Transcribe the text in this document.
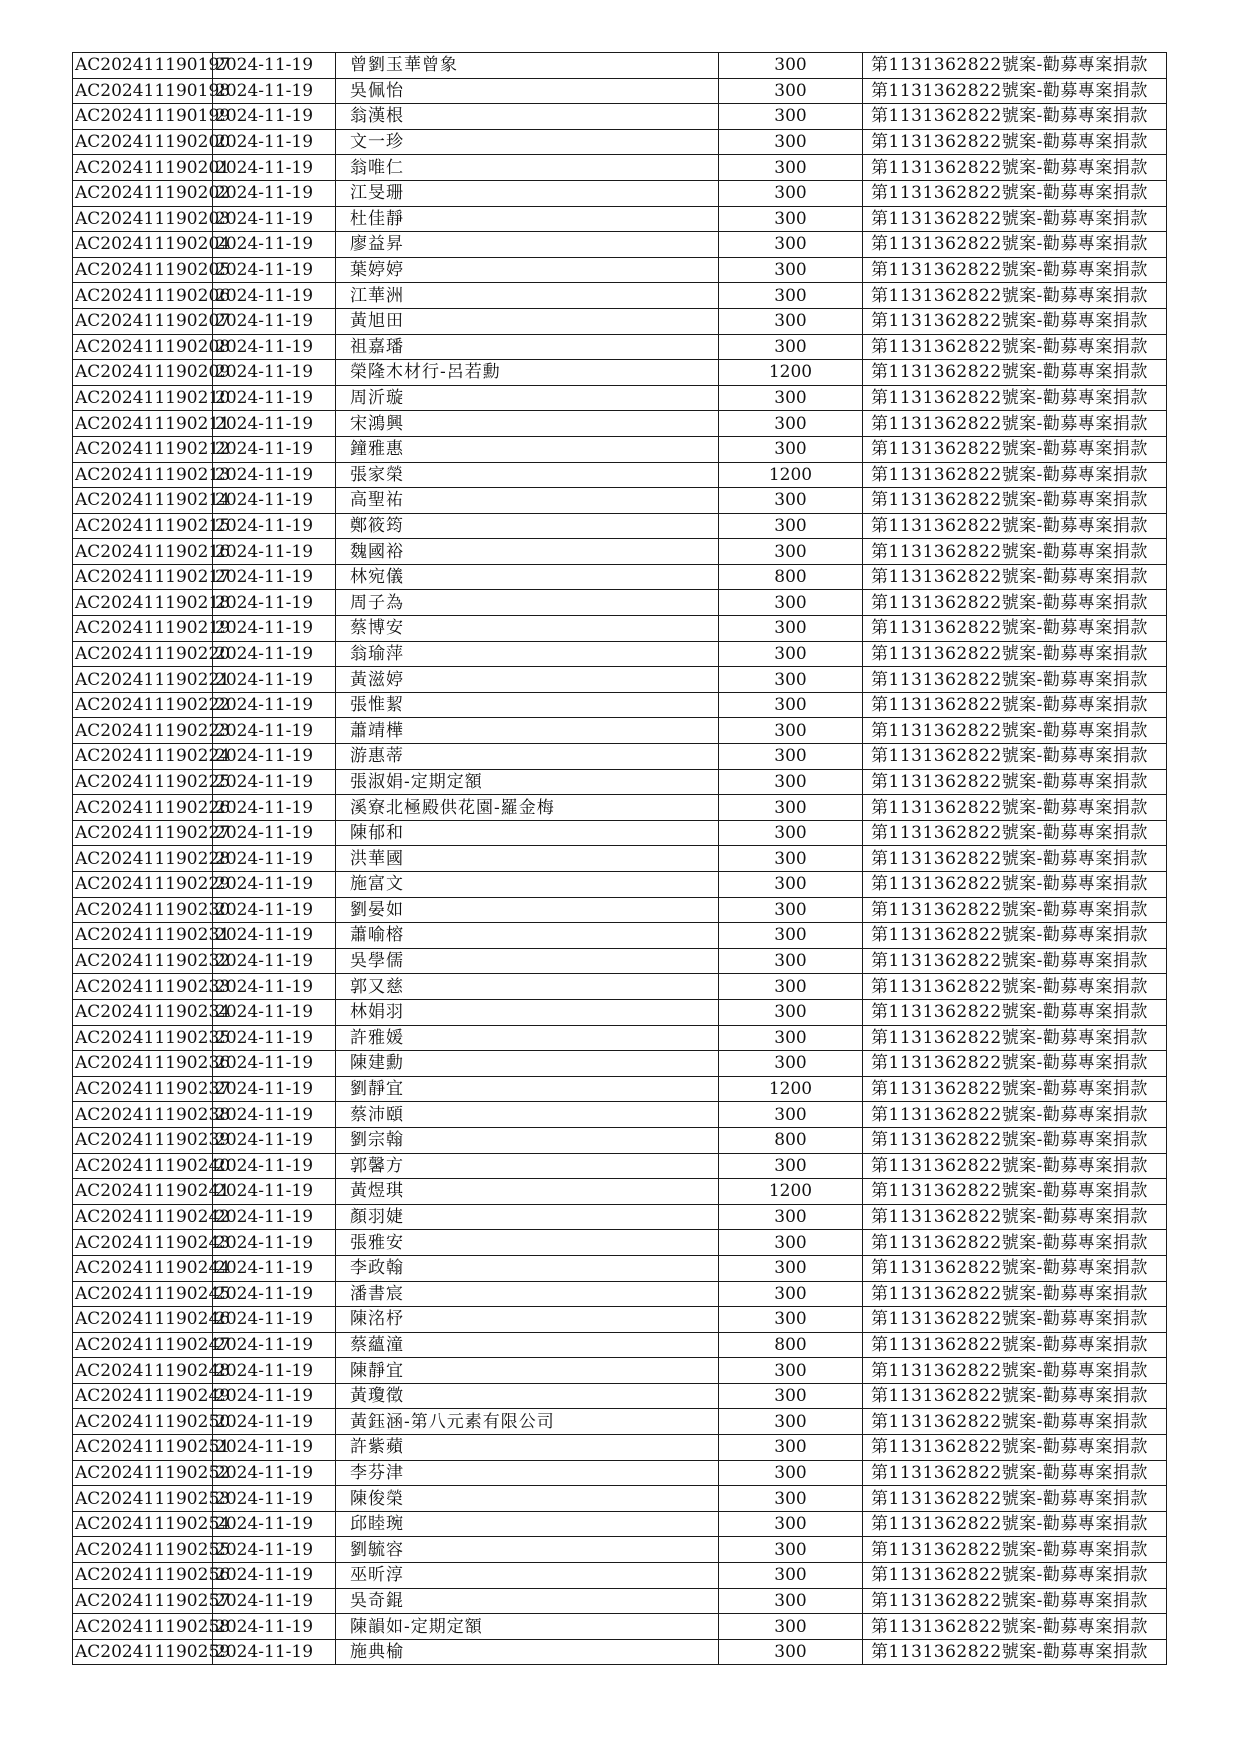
AC202411190197	2024-11-19	曾劉玉華曾象	300	第1131362822號案-勸募專案捐款
AC202411190198	2024-11-19	吳佩怡	300	第1131362822號案-勸募專案捐款
AC202411190199	2024-11-19	翁漢根	300	第1131362822號案-勸募專案捐款
AC202411190200	2024-11-19	文一珍	300	第1131362822號案-勸募專案捐款
AC202411190201	2024-11-19	翁唯仁	300	第1131362822號案-勸募專案捐款
AC202411190202	2024-11-19	江旻珊	300	第1131362822號案-勸募專案捐款
AC202411190203	2024-11-19	杜佳靜	300	第1131362822號案-勸募專案捐款
AC202411190204	2024-11-19	廖益昇	300	第1131362822號案-勸募專案捐款
AC202411190205	2024-11-19	葉婷婷	300	第1131362822號案-勸募專案捐款
AC202411190206	2024-11-19	江華洲	300	第1131362822號案-勸募專案捐款
AC202411190207	2024-11-19	黃旭田	300	第1131362822號案-勸募專案捐款
AC202411190208	2024-11-19	祖嘉璠	300	第1131362822號案-勸募專案捐款
AC202411190209	2024-11-19	榮隆木材行-呂若勳	1200	第1131362822號案-勸募專案捐款
AC202411190210	2024-11-19	周沂璇	300	第1131362822號案-勸募專案捐款
AC202411190211	2024-11-19	宋鴻興	300	第1131362822號案-勸募專案捐款
AC202411190212	2024-11-19	鐘雅惠	300	第1131362822號案-勸募專案捐款
AC202411190213	2024-11-19	張家榮	1200	第1131362822號案-勸募專案捐款
AC202411190214	2024-11-19	高聖祐	300	第1131362822號案-勸募專案捐款
AC202411190215	2024-11-19	鄭筱筠	300	第1131362822號案-勸募專案捐款
AC202411190216	2024-11-19	魏國裕	300	第1131362822號案-勸募專案捐款
AC202411190217	2024-11-19	林宛儀	800	第1131362822號案-勸募專案捐款
AC202411190218	2024-11-19	周子為	300	第1131362822號案-勸募專案捐款
AC202411190219	2024-11-19	蔡博安	300	第1131362822號案-勸募專案捐款
AC202411190220	2024-11-19	翁瑜萍	300	第1131362822號案-勸募專案捐款
AC202411190221	2024-11-19	黃滋婷	300	第1131362822號案-勸募專案捐款
AC202411190222	2024-11-19	張惟絜	300	第1131362822號案-勸募專案捐款
AC202411190223	2024-11-19	蕭靖樺	300	第1131362822號案-勸募專案捐款
AC202411190224	2024-11-19	游惠蒂	300	第1131362822號案-勸募專案捐款
AC202411190225	2024-11-19	張淑娟-定期定額	300	第1131362822號案-勸募專案捐款
AC202411190226	2024-11-19	溪寮北極殿供花園-羅金梅	300	第1131362822號案-勸募專案捐款
AC202411190227	2024-11-19	陳郁和	300	第1131362822號案-勸募專案捐款
AC202411190228	2024-11-19	洪華國	300	第1131362822號案-勸募專案捐款
AC202411190229	2024-11-19	施富文	300	第1131362822號案-勸募專案捐款
AC202411190230	2024-11-19	劉晏如	300	第1131362822號案-勸募專案捐款
AC202411190231	2024-11-19	蕭喻榕	300	第1131362822號案-勸募專案捐款
AC202411190232	2024-11-19	吳學儒	300	第1131362822號案-勸募專案捐款
AC202411190233	2024-11-19	郭又慈	300	第1131362822號案-勸募專案捐款
AC202411190234	2024-11-19	林娟羽	300	第1131362822號案-勸募專案捐款
AC202411190235	2024-11-19	許雅媛	300	第1131362822號案-勸募專案捐款
AC202411190236	2024-11-19	陳建勳	300	第1131362822號案-勸募專案捐款
AC202411190237	2024-11-19	劉靜宜	1200	第1131362822號案-勸募專案捐款
AC202411190238	2024-11-19	蔡沛頤	300	第1131362822號案-勸募專案捐款
AC202411190239	2024-11-19	劉宗翰	800	第1131362822號案-勸募專案捐款
AC202411190240	2024-11-19	郭馨方	300	第1131362822號案-勸募專案捐款
AC202411190241	2024-11-19	黃煜琪	1200	第1131362822號案-勸募專案捐款
AC202411190242	2024-11-19	顏羽婕	300	第1131362822號案-勸募專案捐款
AC202411190243	2024-11-19	張雅安	300	第1131362822號案-勸募專案捐款
AC202411190244	2024-11-19	李政翰	300	第1131362822號案-勸募專案捐款
AC202411190245	2024-11-19	潘書宸	300	第1131362822號案-勸募專案捐款
AC202411190246	2024-11-19	陳洺杼	300	第1131362822號案-勸募專案捐款
AC202411190247	2024-11-19	蔡蘊潼	800	第1131362822號案-勸募專案捐款
AC202411190248	2024-11-19	陳靜宜	300	第1131362822號案-勸募專案捐款
AC202411190249	2024-11-19	黃瓊徵	300	第1131362822號案-勸募專案捐款
AC202411190250	2024-11-19	黃鈺涵-第八元素有限公司	300	第1131362822號案-勸募專案捐款
AC202411190251	2024-11-19	許紫蘋	300	第1131362822號案-勸募專案捐款
AC202411190252	2024-11-19	李芬津	300	第1131362822號案-勸募專案捐款
AC202411190253	2024-11-19	陳俊榮	300	第1131362822號案-勸募專案捐款
AC202411190254	2024-11-19	邱睦琬	300	第1131362822號案-勸募專案捐款
AC202411190255	2024-11-19	劉毓容	300	第1131362822號案-勸募專案捐款
AC202411190256	2024-11-19	巫昕淳	300	第1131362822號案-勸募專案捐款
AC202411190257	2024-11-19	吳奇錕	300	第1131362822號案-勸募專案捐款
AC202411190258	2024-11-19	陳韻如-定期定額	300	第1131362822號案-勸募專案捐款
AC202411190259	2024-11-19	施典榆	300	第1131362822號案-勸募專案捐款
